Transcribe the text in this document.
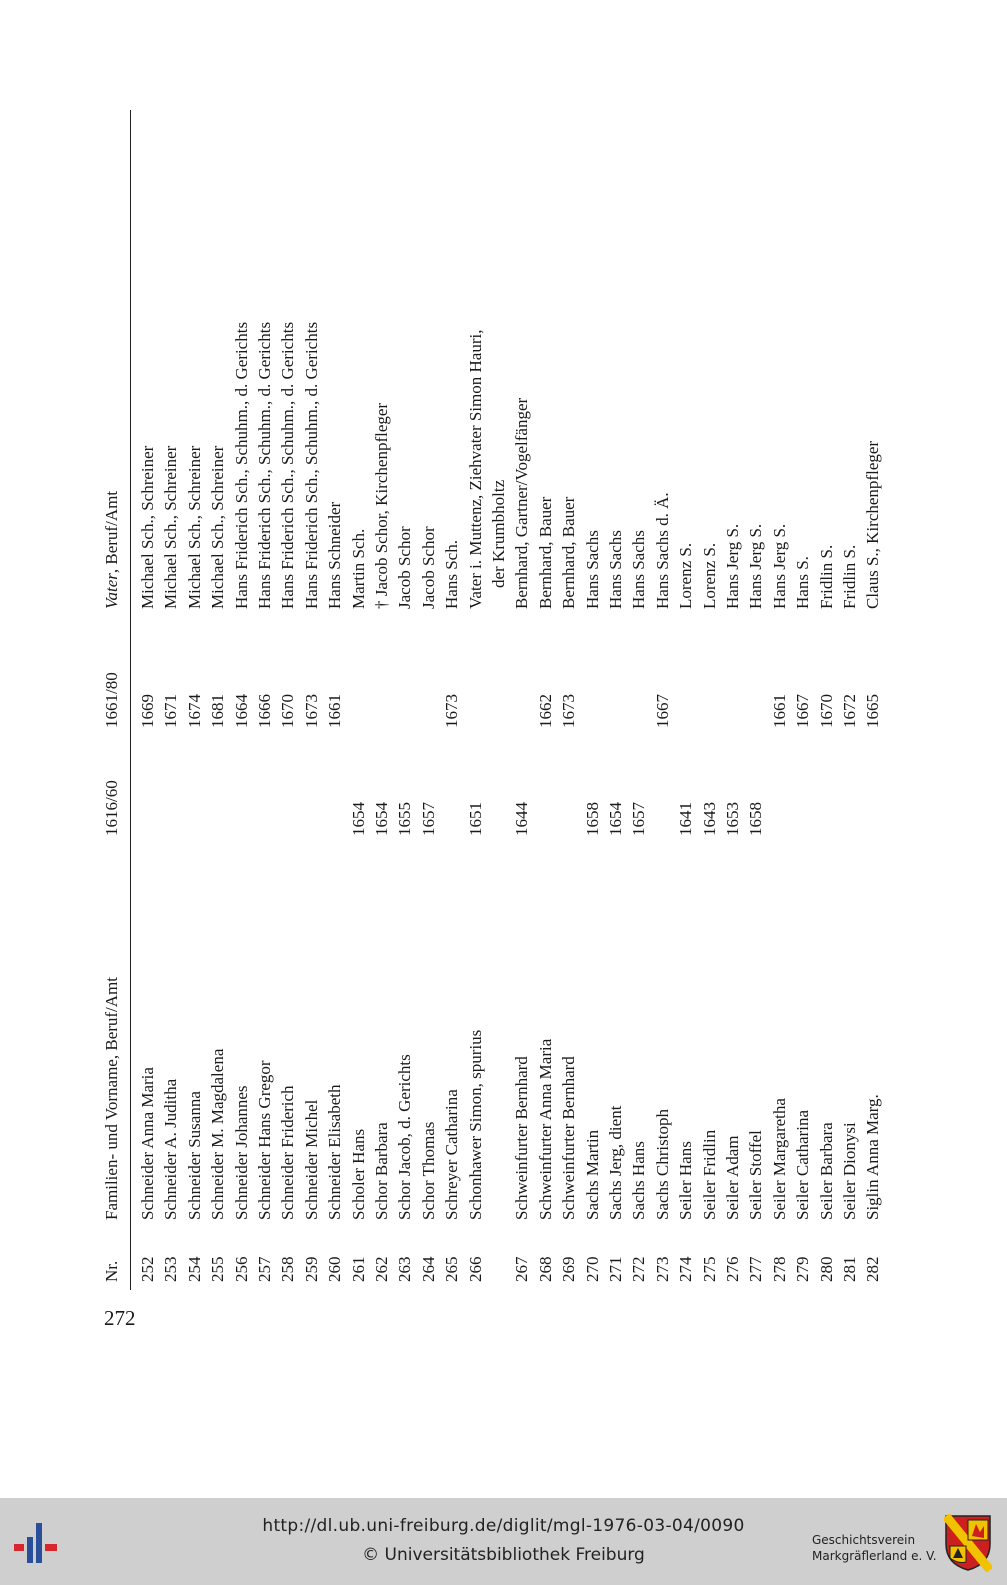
272
Nr.
Familien- und Vorname, Beruf/Amt
1616/60
1661/80
Vater, Beruf/Amt
252
Schneider Anna Maria
1669
Michael Sch., Schreiner
253
Schneider A. Juditha
1671
Michael Sch., Schreiner
254
Schneider Susanna
1674
Michael Sch., Schreiner
255
Schneider M. Magdalena
1681
Michael Sch., Schreiner
256
Schneider Johannes
1664
Hans Friderich Sch., Schuhm., d. Gerichts
257
Schneider Hans Gregor
1666
Hans Friderich Sch., Schuhm., d. Gerichts
258
Schneider Friderich
1670
Hans Friderich Sch., Schuhm., d. Gerichts
259
Schneider Michel
1673
Hans Friderich Sch., Schuhm., d. Gerichts
260
Schneider Elisabeth
1661
Hans Schneider
261
Scholer Hans
1654
Martin Sch.
262
Schor Barbara
1654
† Jacob Schor, Kirchenpfleger
263
Schor Jacob, d. Gerichts
1655
Jacob Schor
264
Schor Thomas
1657
Jacob Schor
265
Schreyer Catharina
1673
Hans Sch.
266
Schonhawer Simon, spurius
1651
Vater i. Muttenz, Ziehvater Simon Hauri, der Krumbholtz
267
Schweinfurter Bernhard
1644
Bernhard, Gartner/Vogelfänger
268
Schweinfurter Anna Maria
1662
Bernhard, Bauer
269
Schweinfurter Bernhard
1673
Bernhard, Bauer
270
Sachs Martin
1658
Hans Sachs
271
Sachs Jerg, dient
1654
Hans Sachs
272
Sachs Hans
1657
Hans Sachs
273
Sachs Christoph
1667
Hans Sachs d. Ä.
274
Seiler Hans
1641
Lorenz S.
275
Seiler Fridlin
1643
Lorenz S.
276
Seiler Adam
1653
Hans Jerg S.
277
Seiler Stoffel
1658
Hans Jerg S.
278
Seiler Margaretha
1661
Hans Jerg S.
279
Seiler Catharina
1667
Hans S.
280
Seiler Barbara
1670
Fridlin S.
281
Seiler Dionysi
1672
Fridlin S.
282
Siglin Anna Marg.
1665
Claus S., Kirchenpfleger
http://dl.ub.uni-freiburg.de/diglit/mgl-1976-03-04/0090
© Universitätsbibliothek Freiburg
Geschichtsverein
Markgräflerland e. V.
